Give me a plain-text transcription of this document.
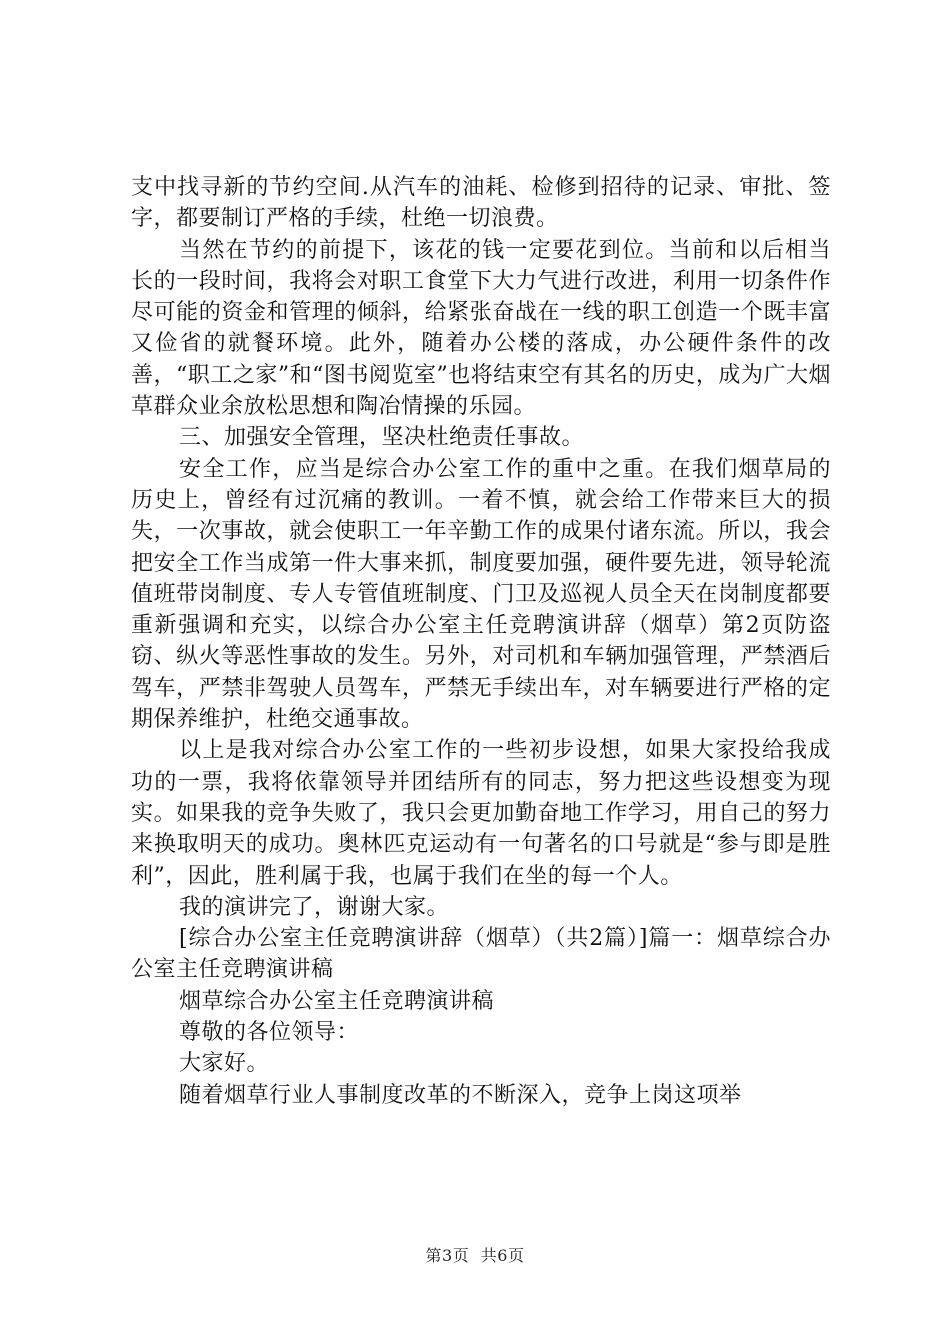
支中找寻新的节约空间.从汽车的油耗、检修到招待的记录、审批、签字，都要制订严格的手续，杜绝一切浪费。

当然在节约的前提下，该花的钱一定要花到位。当前和以后相当长的一段时间，我将会对职工食堂下大力气进行改进，利用一切条件作尽可能的资金和管理的倾斜，给紧张奋战在一线的职工创造一个既丰富又俭省的就餐环境。此外，随着办公楼的落成，办公硬件条件的改善，“职工之家”和“图书阅览室”也将结束空有其名的历史，成为广大烟草群众业余放松思想和陶冶情操的乐园。

三、加强安全管理，坚决杜绝责任事故。

安全工作，应当是综合办公室工作的重中之重。在我们烟草局的历史上，曾经有过沉痛的教训。一着不慎，就会给工作带来巨大的损失，一次事故，就会使职工一年辛勤工作的成果付诸东流。所以，我会把安全工作当成第一件大事来抓，制度要加强，硬件要先进，领导轮流值班带岗制度、专人专管值班制度、门卫及巡视人员全天在岗制度都要重新强调和充实，以综合办公室主任竞聘演讲辞（烟草）第2页防盗窃、纵火等恶性事故的发生。另外，对司机和车辆加强管理，严禁酒后驾车，严禁非驾驶人员驾车，严禁无手续出车，对车辆要进行严格的定期保养维护，杜绝交通事故。

以上是我对综合办公室工作的一些初步设想，如果大家投给我成功的一票，我将依靠领导并团结所有的同志，努力把这些设想变为现实。如果我的竞争失败了，我只会更加勤奋地工作学习，用自己的努力来换取明天的成功。奥林匹克运动有一句著名的口号就是“参与即是胜利”，因此，胜利属于我，也属于我们在坐的每一个人。

我的演讲完了，谢谢大家。

[综合办公室主任竞聘演讲辞（烟草）（共2篇）]篇一：烟草综合办公室主任竞聘演讲稿

烟草综合办公室主任竞聘演讲稿

尊敬的各位领导：

大家好。

随着烟草行业人事制度改革的不断深入，竞争上岗这项举

第3页 共6页
